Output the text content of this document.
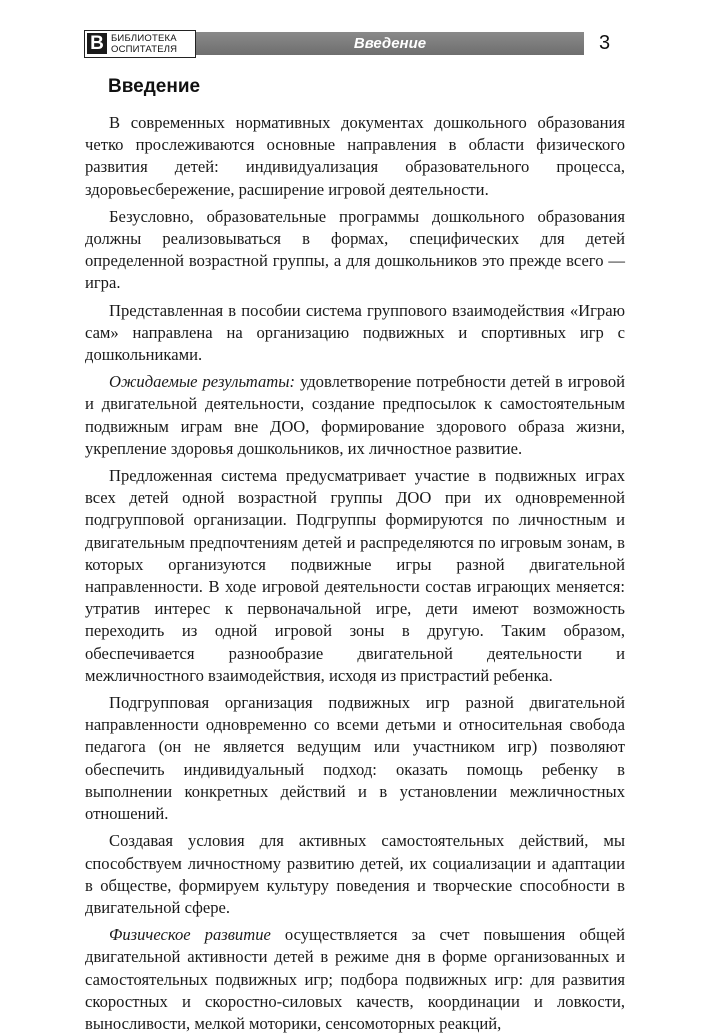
B БИБЛИОТЕКА
ОСПИТАТЕЛЯ	Введение	3
Введение

В современных нормативных документах дошкольного образования четко прослеживаются основные направления в области физического развития детей: индивидуализация образовательного процесса, здоровьесбережение, расширение игровой деятельности.

Безусловно, образовательные программы дошкольного образования должны реализовываться в формах, специфических для детей определенной возрастной группы, а для дошкольников это прежде всего — игра.

Представленная в пособии система группового взаимодействия «Играю сам» направлена на организацию подвижных и спортивных игр с дошкольниками.

Ожидаемые результаты: удовлетворение потребности детей в игровой и двигательной деятельности, создание предпосылок к самостоятельным подвижным играм вне ДОО, формирование здорового образа жизни, укрепление здоровья дошкольников, их личностное развитие.

Предложенная система предусматривает участие в подвижных играх всех детей одной возрастной группы ДОО при их одновременной подгрупповой организации. Подгруппы формируются по личностным и двигательным предпочтениям детей и распределяются по игровым зонам, в которых организуются подвижные игры разной двигательной направленности. В ходе игровой деятельности состав играющих меняется: утратив интерес к первоначальной игре, дети имеют возможность переходить из одной игровой зоны в другую. Таким образом, обеспечивается разнообразие двигательной деятельности и межличностного взаимодействия, исходя из пристрастий ребенка.

Подгрупповая организация подвижных игр разной двигательной направленности одновременно со всеми детьми и относительная свобода педагога (он не является ведущим или участником игр) позволяют обеспечить индивидуальный подход: оказать помощь ребенку в выполнении конкретных действий и в установлении межличностных отношений.

Создавая условия для активных самостоятельных действий, мы способствуем личностному развитию детей, их социализации и адаптации в обществе, формируем культуру поведения и творческие способности в двигательной сфере.

Физическое развитие осуществляется за счет повышения общей двигательной активности детей в режиме дня в форме организованных и самостоятельных подвижных игр; подбора подвижных игр: для развития скоростных и скоростно-силовых качеств, координации и ловкости, выносливости, мелкой моторики, сенсомоторных реакций,
